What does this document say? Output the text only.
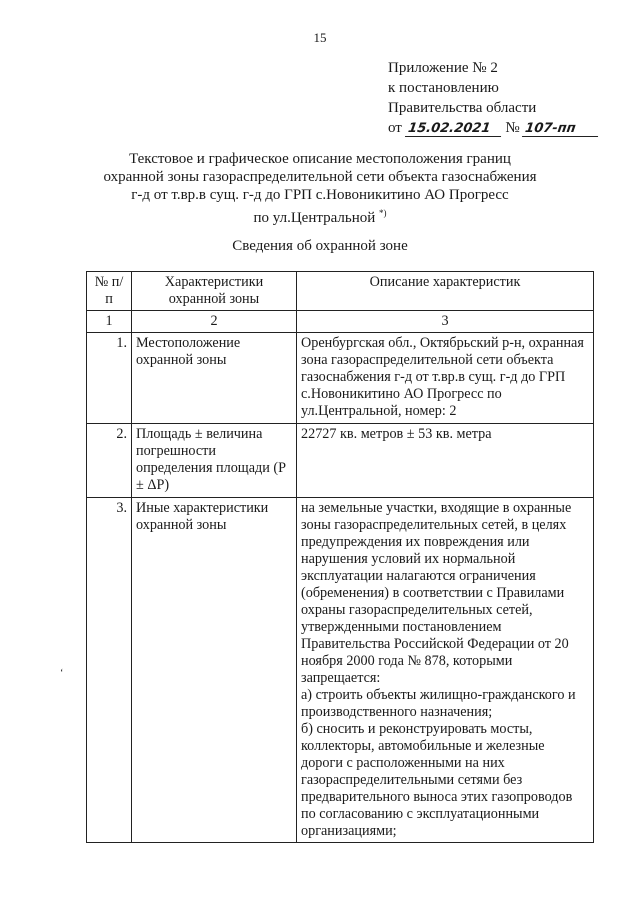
15
Приложение № 2
к постановлению
Правительства области
от 15.02.2021 № 107-пп
Текстовое и графическое описание местоположения границ
охранной зоны газораспределительной сети объекта газоснабжения
г-д от т.вр.в сущ. г-д до ГРП с.Новоникитино АО Прогресс
по ул.Центральной *)
Сведения об охранной зоне
№ п/п	Характеристики охранной зоны	Описание характеристик
1	2	3
1.	Местоположение охранной зоны	Оренбургская обл., Октябрьский р-н, охранная зона газораспределительной сети объекта газоснабжения г-д от т.вр.в сущ. г-д до ГРП с.Новоникитино АО Прогресс по ул.Центральной, номер: 2
2.	Площадь ± величина погрешности определения площади (P ± ΔP)	22727 кв. метров ± 53 кв. метра
3.	Иные характеристики охранной зоны	на земельные участки, входящие в охранные зоны газораспределительных сетей, в целях предупреждения их повреждения или нарушения условий их нормальной эксплуатации налагаются ограничения (обременения) в соответствии с Правилами охраны газораспределительных сетей, утвержденными постановлением Правительства Российской Федерации от 20 ноября 2000 года № 878, которыми запрещается:
а) строить объекты жилищно-гражданского и производственного назначения;
б) сносить и реконструировать мосты, коллекторы, автомобильные и железные дороги с расположенными на них газораспределительными сетями без предварительного выноса этих газопроводов по согласованию с эксплуатационными организациями;
‘
